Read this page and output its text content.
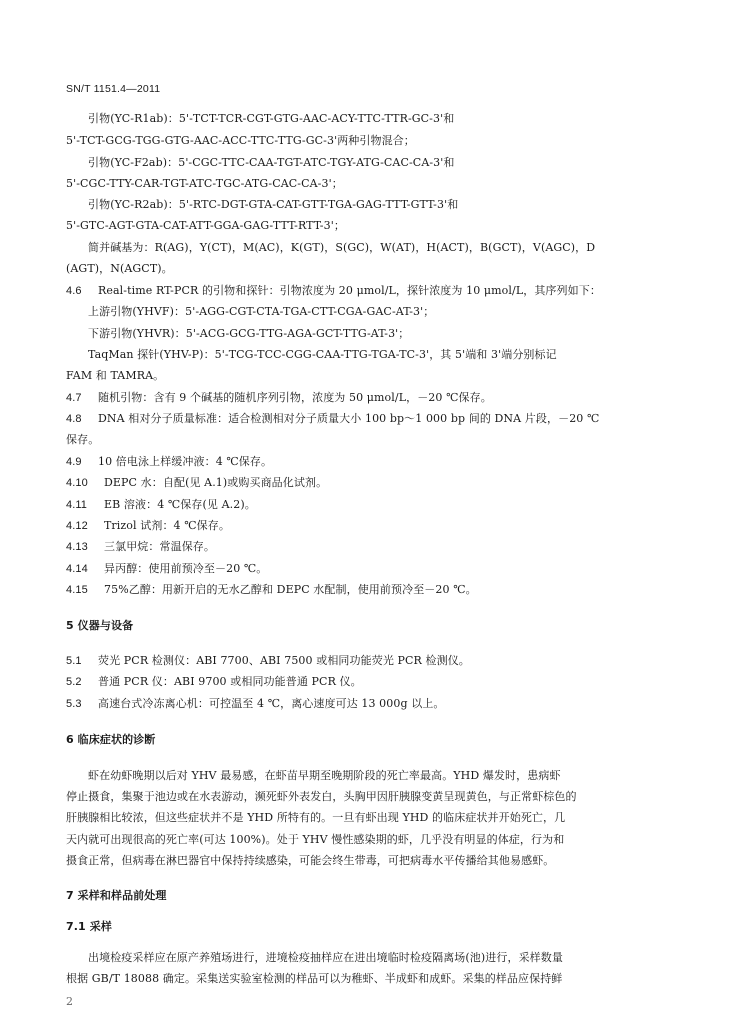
SN/T 1151.4—2011
引物(YC-R1ab)：5'-TCT-TCR-CGT-GTG-AAC-ACY-TTC-TTR-GC-3'和
5'-TCT-GCG-TGG-GTG-AAC-ACC-TTC-TTG-GC-3'两种引物混合；
引物(YC-F2ab)：5'-CGC-TTC-CAA-TGT-ATC-TGY-ATG-CAC-CA-3'和
5'-CGC-TTY-CAR-TGT-ATC-TGC-ATG-CAC-CA-3'；
引物(YC-R2ab)：5'-RTC-DGT-GTA-CAT-GTT-TGA-GAG-TTT-GTT-3'和
5'-GTC-AGT-GTA-CAT-ATT-GGA-GAG-TTT-RTT-3'；
简并碱基为：R(AG)，Y(CT)，M(AC)，K(GT)，S(GC)，W(AT)，H(ACT)，B(GCT)，V(AGC)，D
(AGT)，N(AGCT)。
4.6 Real-time RT-PCR 的引物和探针：引物浓度为 20 μmol/L，探针浓度为 10 μmol/L，其序列如下：
上游引物(YHVF)：5'-AGG-CGT-CTA-TGA-CTT-CGA-GAC-AT-3'；
下游引物(YHVR)：5'-ACG-GCG-TTG-AGA-GCT-TTG-AT-3'；
TaqMan 探针(YHV-P)：5'-TCG-TCC-CGG-CAA-TTG-TGA-TC-3'，其 5'端和 3'端分别标记
FAM 和 TAMRA。
4.7 随机引物：含有 9 个碱基的随机序列引物，浓度为 50 μmol/L，－20 ℃保存。
4.8 DNA 相对分子质量标准：适合检测相对分子质量大小 100 bp～1 000 bp 间的 DNA 片段，－20 ℃
保存。
4.9 10 倍电泳上样缓冲液：4 ℃保存。
4.10 DEPC 水：自配(见 A.1)或购买商品化试剂。
4.11 EB 溶液：4 ℃保存(见 A.2)。
4.12 Trizol 试剂：4 ℃保存。
4.13 三氯甲烷：常温保存。
4.14 异丙醇：使用前预冷至－20 ℃。
4.15 75%乙醇：用新开启的无水乙醇和 DEPC 水配制，使用前预冷至－20 ℃。
5 仪器与设备
5.1 荧光 PCR 检测仪：ABI 7700、ABI 7500 或相同功能荧光 PCR 检测仪。
5.2 普通 PCR 仪：ABI 9700 或相同功能普通 PCR 仪。
5.3 高速台式冷冻离心机：可控温至 4 ℃，离心速度可达 13 000g 以上。
6 临床症状的诊断
虾在幼虾晚期以后对 YHV 最易感，在虾苗早期至晚期阶段的死亡率最高。YHD 爆发时，患病虾
停止摄食，集聚于池边或在水表游动，濒死虾外表发白，头胸甲因肝胰腺变黄呈现黄色，与正常虾棕色的
肝胰腺相比较浓，但这些症状并不是 YHD 所特有的。一旦有虾出现 YHD 的临床症状并开始死亡，几
天内就可出现很高的死亡率(可达 100%)。处于 YHV 慢性感染期的虾，几乎没有明显的体症，行为和
摄食正常，但病毒在淋巴器官中保持持续感染，可能会终生带毒，可把病毒水平传播给其他易感虾。
7 采样和样品前处理
7.1 采样
出境检疫采样应在原产养殖场进行，进境检疫抽样应在进出境临时检疫隔离场(池)进行，采样数量
根据 GB/T 18088 确定。采集送实验室检测的样品可以为稚虾、半成虾和成虾。采集的样品应保持鲜
2
